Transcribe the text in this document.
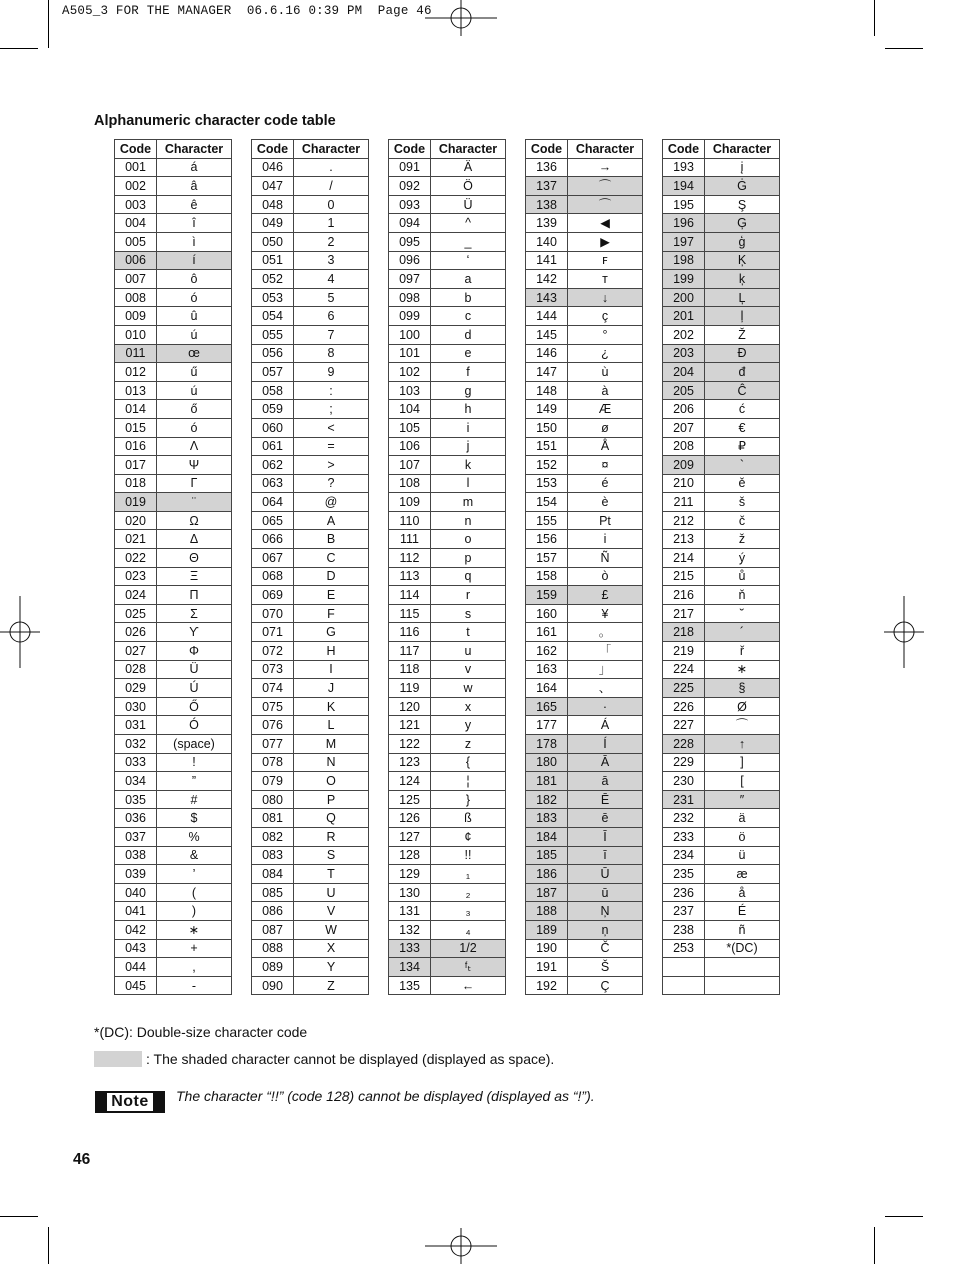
A505_3 FOR THE MANAGER  06.6.16 0:39 PM  Page 46
Alphanumeric character code table
Code	Character
001	á
002	â
003	ê
004	î
005	ì
006	í
007	ô
008	ó
009	û
010	ú
011	œ
012	ű
013	ú
014	ő
015	ó
016	Λ
017	Ψ
018	Γ
019	¨
020	Ω
021	Δ
022	Θ
023	Ξ
024	Π
025	Σ
026	ϒ
027	Φ
028	Ü
029	Ú
030	Ő
031	Ó
032	(space)
033	!
034	”
035	#
036	$
037	%
038	&
039	’
040	(
041	)
042	∗
043	+
044	,
045	-
Code	Character
046	.
047	/
048	0
049	1
050	2
051	3
052	4
053	5
054	6
055	7
056	8
057	9
058	:
059	;
060	<
061	=
062	>
063	?
064	@
065	A
066	B
067	C
068	D
069	E
070	F
071	G
072	H
073	I
074	J
075	K
076	L
077	M
078	N
079	O
080	P
081	Q
082	R
083	S
084	T
085	U
086	V
087	W
088	X
089	Y
090	Z
Code	Character
091	Ä
092	Ö
093	Ü
094	^
095	_
096	‘
097	a
098	b
099	c
100	d
101	e
102	f
103	g
104	h
105	i
106	j
107	k
108	l
109	m
110	n
111	o
112	p
113	q
114	r
115	s
116	t
117	u
118	v
119	w
120	x
121	y
122	z
123	{
124	¦
125	}
126	ß
127	¢
128	!!
129	₁
130	₂
131	₃
132	₄
133	1/2
134	ᶠₜ
135	←
Code	Character
136	→
137	⌒
138	⌒
139	◀
140	▶
141	ꜰ
142	ᴛ
143	↓
144	ç
145	°
146	¿
147	ù
148	à
149	Æ
150	ø
151	Å
152	¤
153	é
154	è
155	Pt
156	i
157	Ñ
158	ò
159	£
160	¥
161	。
162	「
163	」
164	、
165	·
177	Á
178	Í
180	Ā
181	ā
182	Ē
183	ē
184	Ī
185	ī
186	Ū
187	ū
188	Ņ
189	ņ
190	Č
191	Š
192	Ç
Code	Character
193	į
194	Ġ
195	Ş
196	Ģ
197	ģ
198	Ķ
199	ķ
200	Ļ
201	ļ
202	Ž
203	Đ
204	đ
205	Ĉ
206	ć
207	€
208	₽
209	`
210	ě
211	š
212	č
213	ž
214	ý
215	ů
216	ň
217	˘
218	´
219	ř
224	∗
225	§
226	Ø
227	⌒
228	↑
229	]
230	[
231	″
232	ä
233	ö
234	ü
235	æ
236	å
237	É
238	ñ
253	*(DC)

*(DC): Double-size character code
: The shaded character cannot be displayed (displayed as space).
Note The character “!!” (code 128) cannot be displayed (displayed as “!”).
46
